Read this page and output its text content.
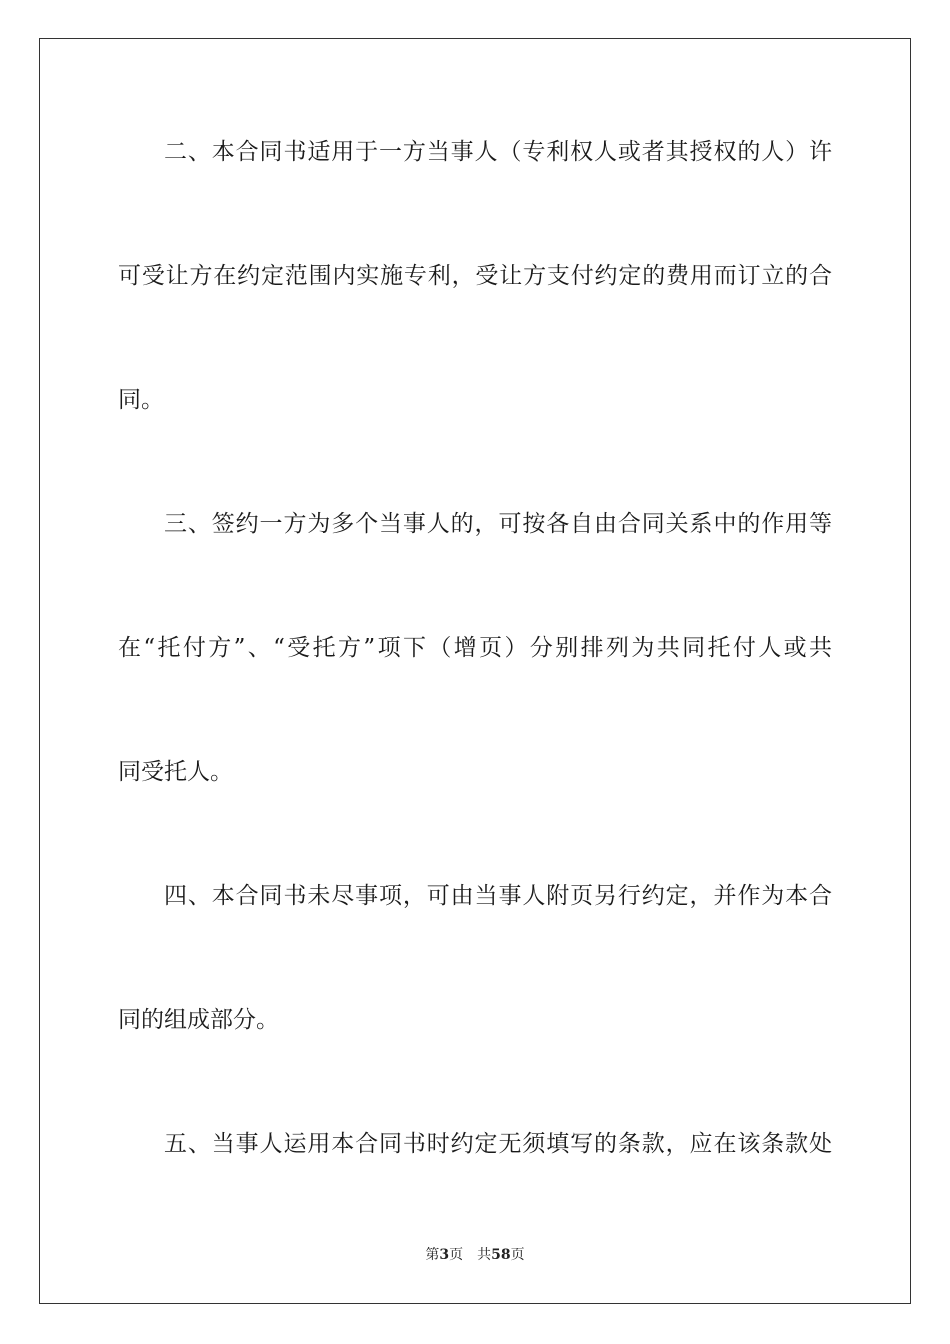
二、本合同书适用于一方当事人（专利权人或者其授权的人）许
可受让方在约定范围内实施专利，受让方支付约定的费用而订立的合
同。
三、签约一方为多个当事人的，可按各自由合同关系中的作用等
在“托付方”、“受托方”项下（增页）分别排列为共同托付人或共
同受托人。
四、本合同书未尽事项，可由当事人附页另行约定，并作为本合
同的组成部分。
五、当事人运用本合同书时约定无须填写的条款，应在该条款处
第3页 共58页
